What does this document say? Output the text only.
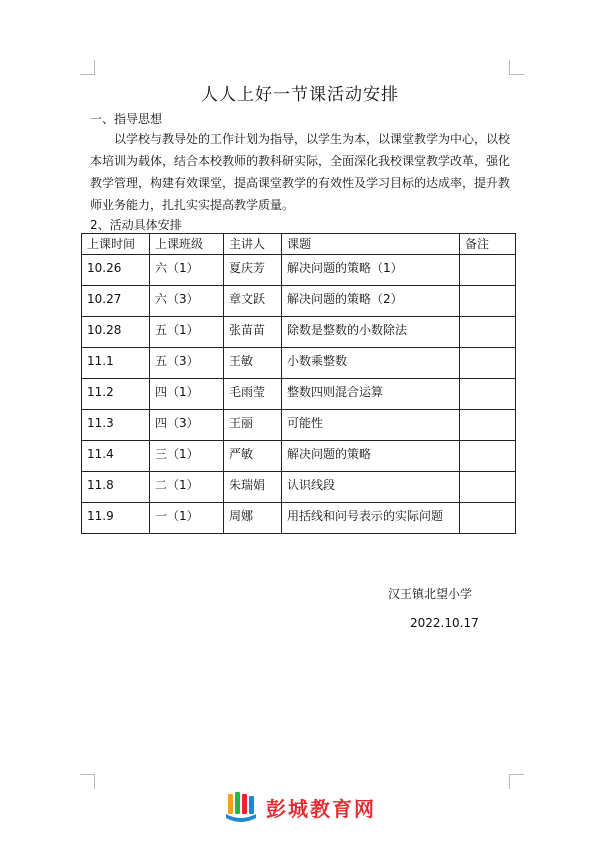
人人上好一节课活动安排
一、指导思想
以学校与教导处的工作计划为指导，以学生为本，以课堂教学为中心，以校本培训为载体，结合本校教师的教科研实际，全面深化我校课堂教学改革，强化教学管理，构建有效课堂，提高课堂教学的有效性及学习目标的达成率，提升教师业务能力，扎扎实实提高教学质量。
2、活动具体安排
上课时间	上课班级	主讲人	课题	备注
10.26	六（1）	夏庆芳	解决问题的策略（1）	
10.27	六（3）	章文跃	解决问题的策略（2）	
10.28	五（1）	张苗苗	除数是整数的小数除法	
11.1	五（3）	王敏	小数乘整数	
11.2	四（1）	毛雨莹	整数四则混合运算	
11.3	四（3）	王丽	可能性	
11.4	三（1）	严敏	解决问题的策略	
11.8	二（1）	朱瑞娟	认识线段	
11.9	一（1）	周娜	用括线和问号表示的实际问题	
汉王镇北望小学
2022.10.17
彭城教育网
